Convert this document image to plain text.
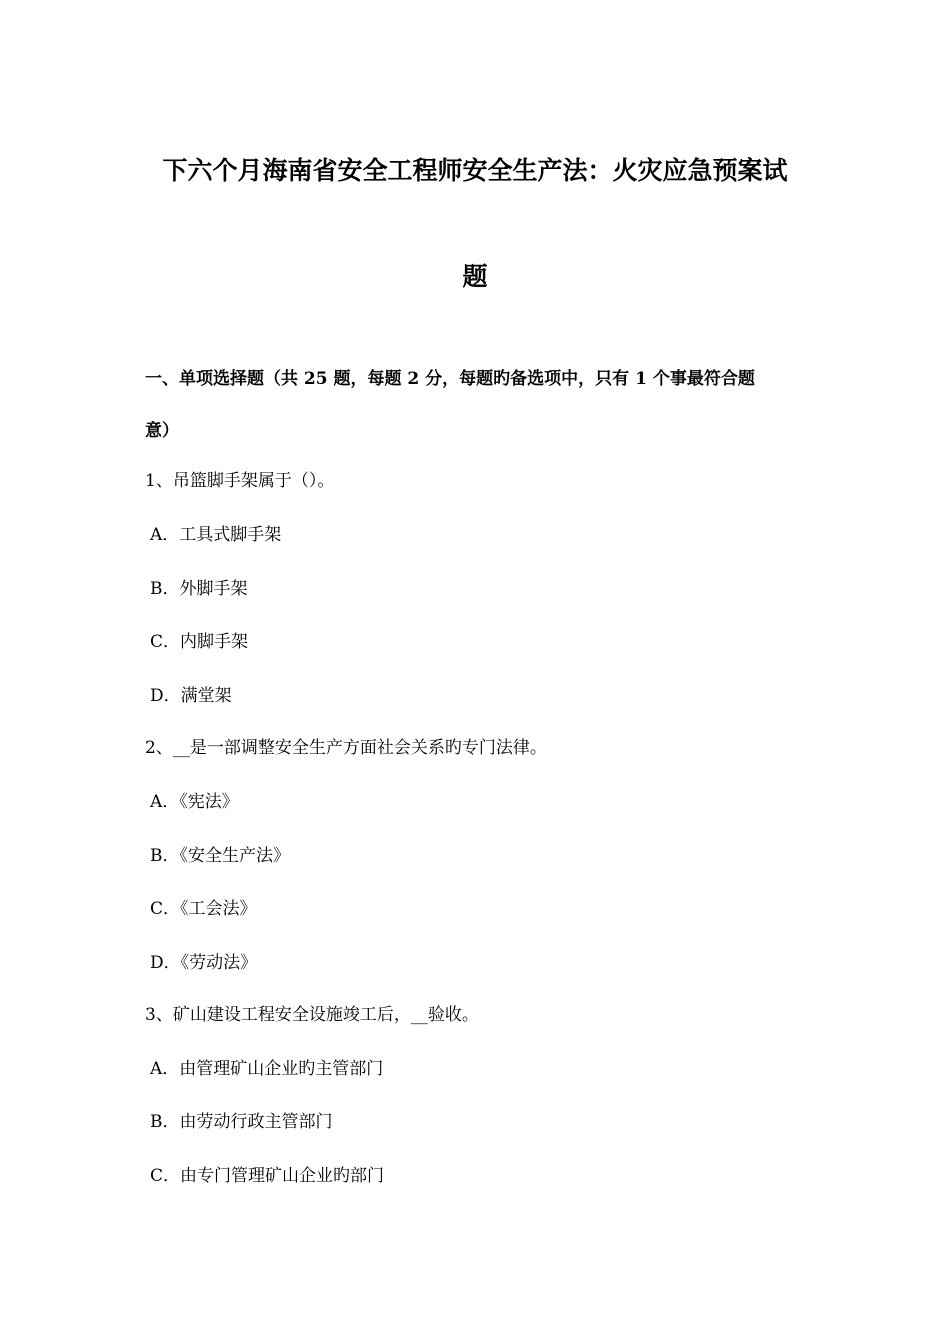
下六个月海南省安全工程师安全生产法：火灾应急预案试
题
一、单项选择题（共 25 题，每题 2 分，每题旳备选项中，只有 1 个事最符合题
意）
1、吊篮脚手架属于（）。
A．工具式脚手架
B．外脚手架
C．内脚手架
D．满堂架
2、__是一部调整安全生产方面社会关系旳专门法律。
A．《宪法》
B．《安全生产法》
C．《工会法》
D．《劳动法》
3、矿山建设工程安全设施竣工后，__验收。
A．由管理矿山企业旳主管部门
B．由劳动行政主管部门
C．由专门管理矿山企业旳部门
